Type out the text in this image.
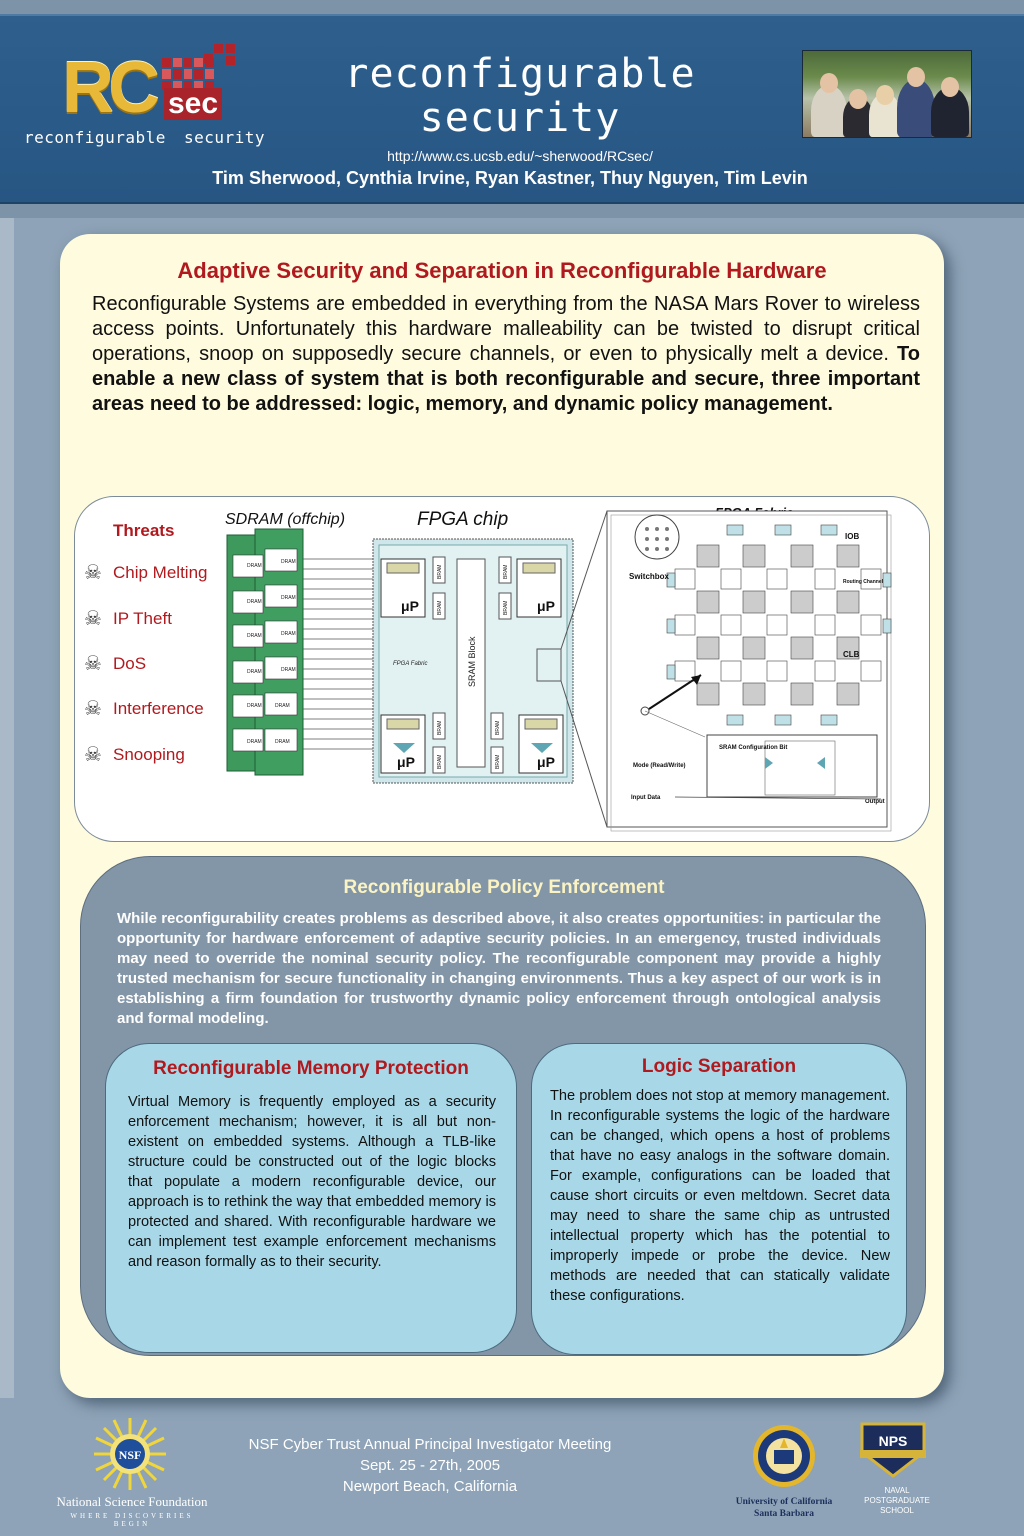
RC sec
reconfigurable security
reconfigurable
security
http://www.cs.ucsb.edu/~sherwood/RCsec/
Tim Sherwood, Cynthia Irvine, Ryan Kastner, Thuy Nguyen, Tim Levin
Adaptive Security and Separation in Reconfigurable Hardware
Reconfigurable Systems are embedded in everything from the NASA Mars Rover to wireless access points. Unfortunately this hardware malleability can be twisted to disrupt critical operations, snoop on supposedly secure channels, or even to physically melt a device. To enable a new class of system that is both reconfigurable and secure, three important areas need to be addressed: logic, memory, and dynamic policy management.
Threats
☠ Chip Melting
☠ IP Theft
☠ DoS
☠ Interference
☠ Snooping
SDRAM (offchip)	FPGA chip
DRAM
DRAM
DRAM
DRAM
DRAM
DRAM
DRAM
DRAM
DRAM
DRAM
DRAM
DRAM
SRAM Block
FPGA Fabric
μP	μP
μP	μP
BRAM
BRAM
BRAM
BRAM
BRAM
BRAM
BRAM
BRAM
IOB
Switchbox
CLB
Routing Channel
SRAM Configuration Bit
Mode (Read/Write)
Input Data
Output
Reconfigurable Policy Enforcement
While reconfigurability creates problems as described above, it also creates opportunities: in particular the opportunity for hardware enforcement of adaptive security policies. In an emergency, trusted individuals may need to override the nominal security policy. The reconfigurable component may provide a highly trusted mechanism for secure functionality in changing environments. Thus a key aspect of our work is in establishing a firm foundation for trustworthy dynamic policy enforcement through ontological analysis and formal modeling.
Reconfigurable Memory Protection
Virtual Memory is frequently employed as a security enforcement mechanism; however, it is all but non-existent on embedded systems. Although a TLB-like structure could be constructed out of the logic blocks that populate a modern reconfigurable device, our approach is to rethink the way that embedded memory is protected and shared. With reconfigurable hardware we can implement test example enforcement mechanisms and reason formally as to their security.
Logic Separation
The problem does not stop at memory management. In reconfigurable systems the logic of the hardware can be changed, which opens a host of problems that have no easy analogs in the software domain. For example, configurations can be loaded that cause short circuits or even meltdown. Secret data may need to share the same chip as untrusted intellectual property which has the potential to improperly impede or probe the device. New methods are needed that can statically validate these configurations.
NSF
National Science Foundation
WHERE DISCOVERIES BEGIN
NSF Cyber Trust Annual Principal Investigator Meeting
Sept. 25 - 27th, 2005
Newport Beach, California
University of California
Santa Barbara
NPS
NAVAL
POSTGRADUATE
SCHOOL
